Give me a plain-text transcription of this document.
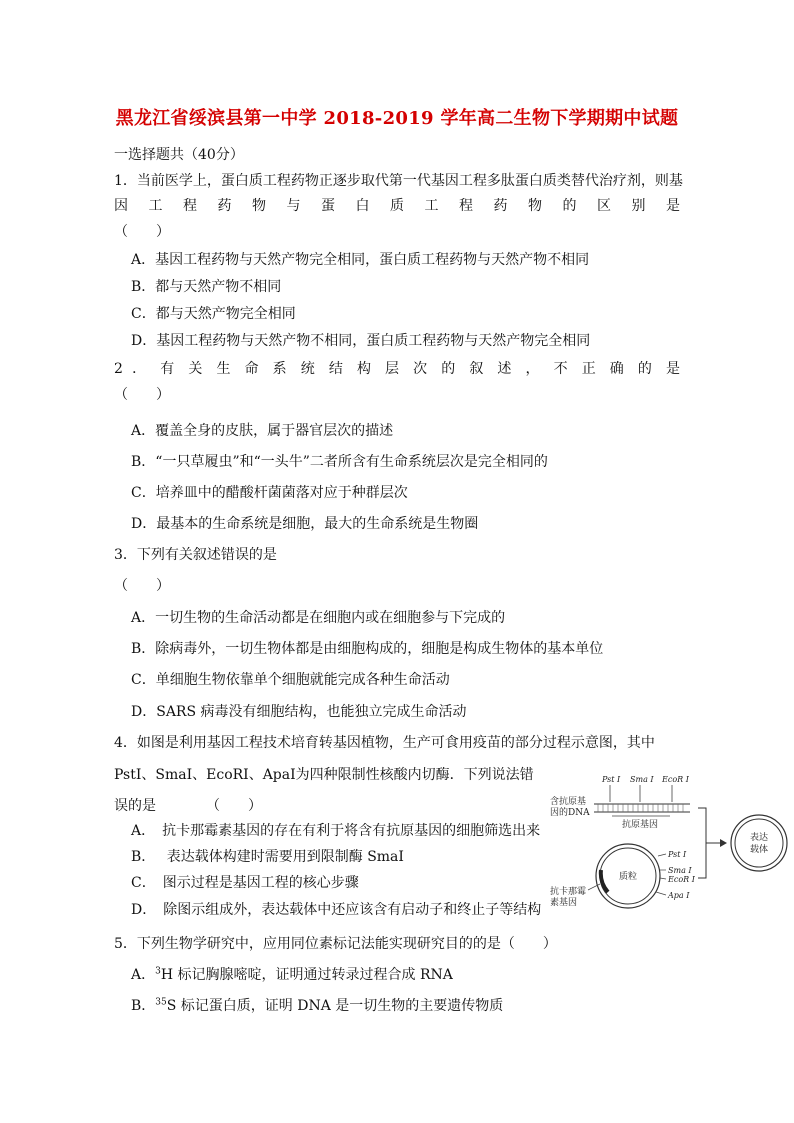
黑龙江省绥滨县第一中学 2018-2019 学年高二生物下学期期中试题
一选择题共（40分）
1．当前医学上，蛋白质工程药物正逐步取代第一代基因工程多肽蛋白质类替代治疗剂，则基
因 工 程 药 物 与 蛋 白 质 工 程 药 物 的 区 别 是
（　　）
A．基因工程药物与天然产物完全相同，蛋白质工程药物与天然产物不相同
B．都与天然产物不相同
C．都与天然产物完全相同
D．基因工程药物与天然产物不相同，蛋白质工程药物与天然产物完全相同
2 ． 有 关 生 命 系 统 结 构 层 次 的 叙 述 ， 不 正 确 的 是
（　　）
A．覆盖全身的皮肤，属于器官层次的描述
B．“一只草履虫”和“一头牛”二者所含有生命系统层次是完全相同的
C．培养皿中的醋酸杆菌菌落对应于种群层次
D．最基本的生命系统是细胞，最大的生命系统是生物圈
3．下列有关叙述错误的是
（　　）
A．一切生物的生命活动都是在细胞内或在细胞参与下完成的
B．除病毒外，一切生物体都是由细胞构成的，细胞是构成生物体的基本单位
C．单细胞生物依靠单个细胞就能完成各种生命活动
D．SARS 病毒没有细胞结构，也能独立完成生命活动
4．如图是利用基因工程技术培育转基因植物，生产可食用疫苗的部分过程示意图，其中
PstⅠ、SmaⅠ、EcoRⅠ、ApaⅠ为四种限制性核酸内切酶．下列说法错
误的是	（　　）
A．　抗卡那霉素基因的存在有利于将含有抗原基因的细胞筛选出来
B．　 表达载体构建时需要用到限制酶 SmaⅠ
C．　图示过程是基因工程的核心步骤
D．　除图示组成外，表达载体中还应该含有启动子和终止子等结构
含抗原基
因的DNA
Pst Ⅰ Sma Ⅰ EcoR Ⅰ
抗原基因
质粒
Pst Ⅰ
Sma Ⅰ
EcoR Ⅰ
Apa Ⅰ
抗卡那霉
素基因
表达
载体
5．下列生物学研究中，应用同位素标记法能实现研究目的的是（　　）
A．$^3$H 标记胸腺嘧啶，证明通过转录过程合成 RNA
B．$^{35}$S 标记蛋白质，证明 DNA 是一切生物的主要遗传物质
